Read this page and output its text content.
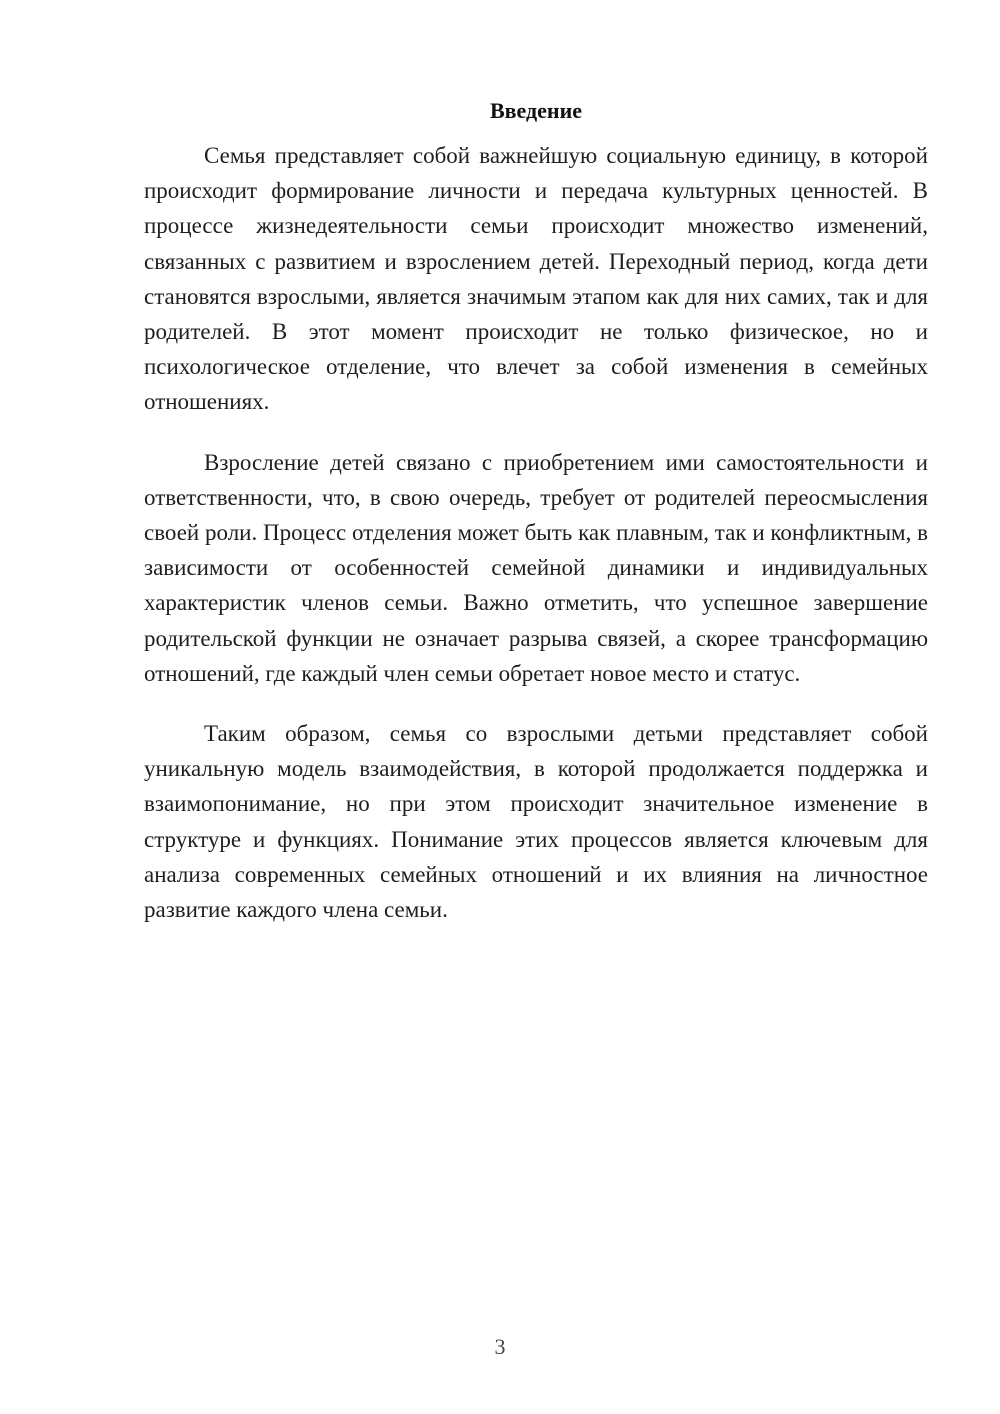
Введение

Семья представляет собой важнейшую социальную единицу, в которой происходит формирование личности и передача культурных ценностей. В процессе жизнедеятельности семьи происходит множество изменений, связанных с развитием и взрослением детей. Переходный период, когда дети становятся взрослыми, является значимым этапом как для них самих, так и для родителей. В этот момент происходит не только физическое, но и психологическое отделение, что влечет за собой изменения в семейных отношениях.

Взросление детей связано с приобретением ими самостоятельности и ответственности, что, в свою очередь, требует от родителей переосмысления своей роли. Процесс отделения может быть как плавным, так и конфликтным, в зависимости от особенностей семейной динамики и индивидуальных характеристик членов семьи. Важно отметить, что успешное завершение родительской функции не означает разрыва связей, а скорее трансформацию отношений, где каждый член семьи обретает новое место и статус.

Таким образом, семья со взрослыми детьми представляет собой уникальную модель взаимодействия, в которой продолжается поддержка и взаимопонимание, но при этом происходит значительное изменение в структуре и функциях. Понимание этих процессов является ключевым для анализа современных семейных отношений и их влияния на личностное развитие каждого члена семьи.

3
